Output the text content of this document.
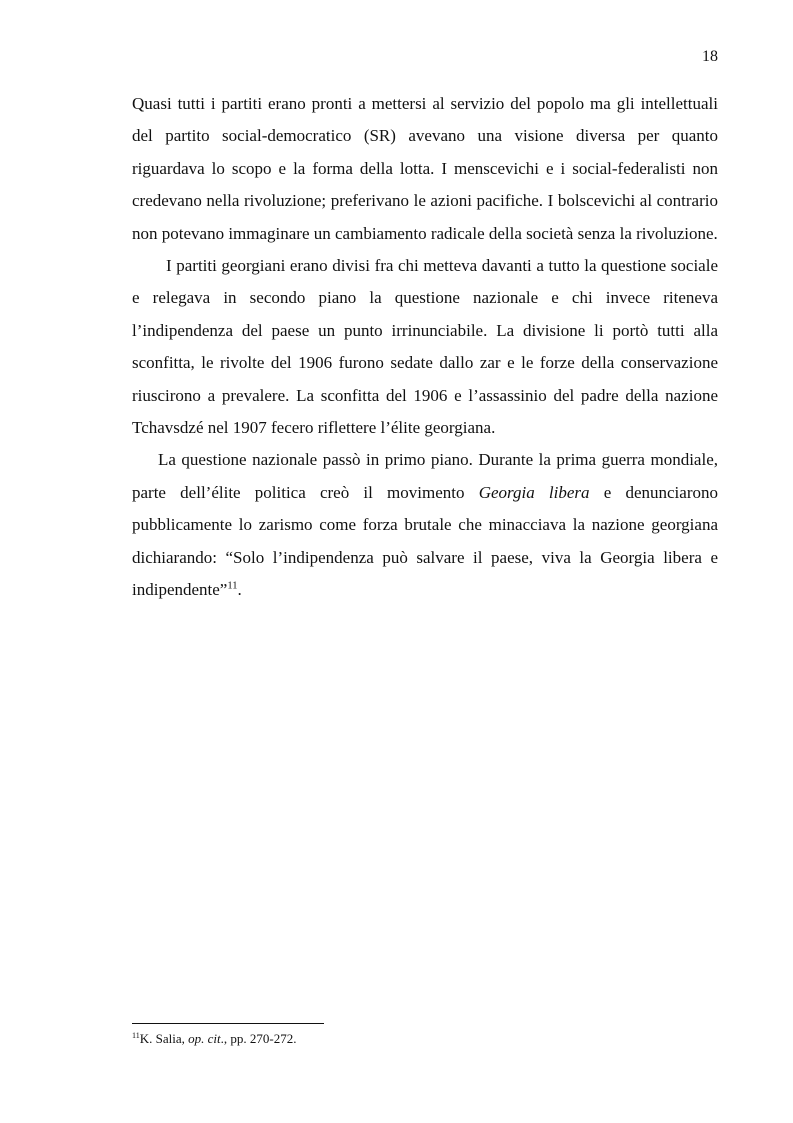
18

Quasi tutti i partiti erano pronti a mettersi al servizio del popolo ma gli intellettuali del partito social-democratico (SR) avevano una visione diversa per quanto riguardava lo scopo e la forma della lotta. I menscevichi e i social-federalisti non credevano nella rivoluzione; preferivano le azioni pacifiche. I bolscevichi al contrario non potevano immaginare un cambiamento radicale della società senza la rivoluzione.

I partiti georgiani erano divisi fra chi metteva davanti a tutto la questione sociale e relegava in secondo piano la questione nazionale e chi invece riteneva l’indipendenza del paese un punto irrinunciabile. La divisione li portò tutti alla sconfitta, le rivolte del 1906 furono sedate dallo zar e le forze della conservazione riuscirono a prevalere. La sconfitta del 1906 e l’assassinio del padre della nazione Tchavsdzé nel 1907 fecero riflettere l’élite georgiana.

La questione nazionale passò in primo piano. Durante la prima guerra mondiale, parte dell’élite politica creò il movimento Georgia libera e denunciarono pubblicamente lo zarismo come forza brutale che minacciava la nazione georgiana dichiarando: “Solo l’indipendenza può salvare il paese, viva la Georgia libera e indipendente”$^{11}$.

$^{11}$K. Salia, op. cit., pp. 270-272.
